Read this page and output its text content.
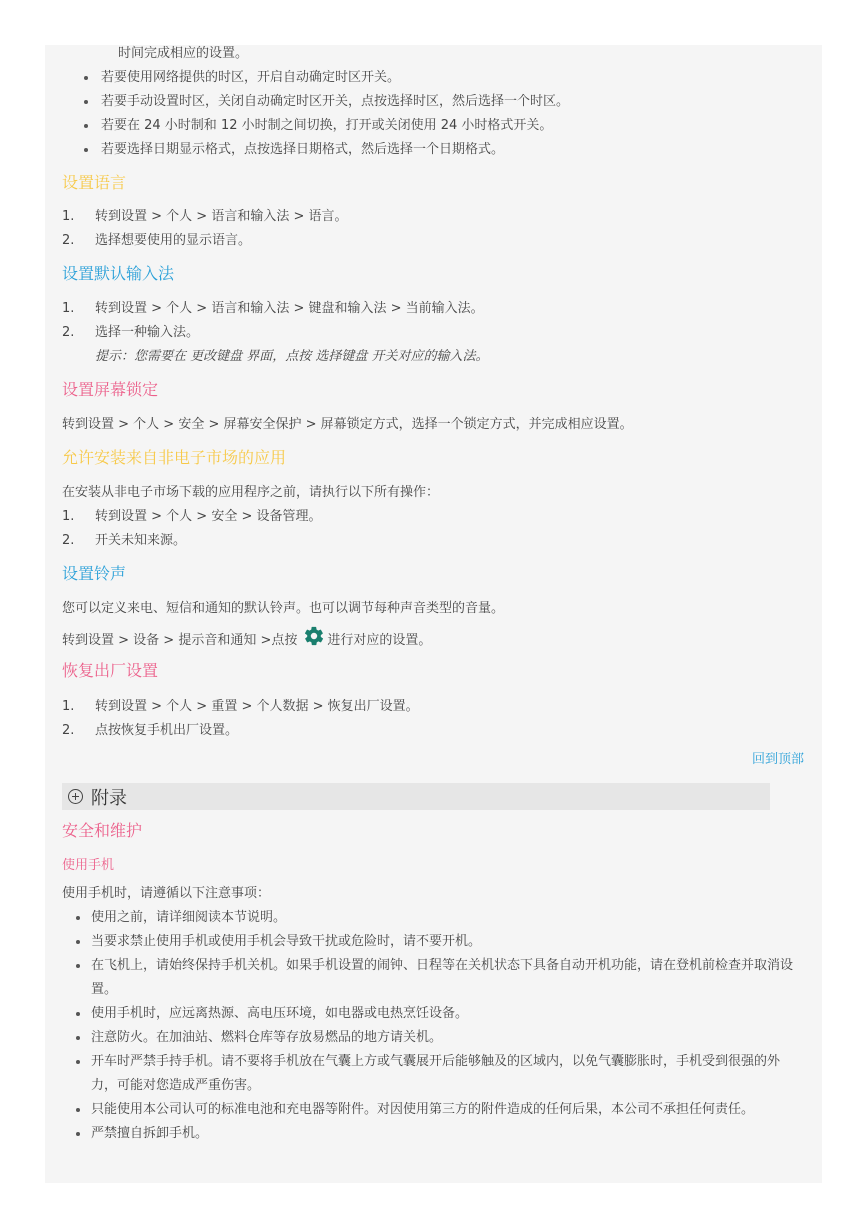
时间完成相应的设置。
若要使用网络提供的时区，开启自动确定时区开关。
若要手动设置时区，关闭自动确定时区开关，点按选择时区，然后选择一个时区。
若要在 24 小时制和 12 小时制之间切换，打开或关闭使用 24 小时格式开关。
若要选择日期显示格式，点按选择日期格式，然后选择一个日期格式。
设置语言
1. 转到设置 > 个人 > 语言和输入法 > 语言。
2. 选择想要使用的显示语言。
设置默认输入法
1. 转到设置 > 个人 > 语言和输入法 > 键盘和输入法 > 当前输入法。
2. 选择一种输入法。
提示：您需要在 更改键盘 界面，点按 选择键盘 开关对应的输入法。
设置屏幕锁定
转到设置 > 个人 > 安全 > 屏幕安全保护 > 屏幕锁定方式，选择一个锁定方式，并完成相应设置。
允许安装来自非电子市场的应用
在安装从非电子市场下载的应用程序之前，请执行以下所有操作：
1. 转到设置 > 个人 > 安全 > 设备管理。
2. 开关未知来源。
设置铃声
您可以定义来电、短信和通知的默认铃声。也可以调节每种声音类型的音量。
转到设置 > 设备 > 提示音和通知 >点按 进行对应的设置。
恢复出厂设置
1. 转到设置 > 个人 > 重置 > 个人数据 > 恢复出厂设置。
2. 点按恢复手机出厂设置。
回到顶部
附录
安全和维护
使用手机
使用手机时，请遵循以下注意事项：
使用之前，请详细阅读本节说明。
当要求禁止使用手机或使用手机会导致干扰或危险时，请不要开机。
在飞机上，请始终保持手机关机。如果手机设置的闹钟、日程等在关机状态下具备自动开机功能，请在登机前检查并取消设置。
使用手机时，应远离热源、高电压环境，如电器或电热烹饪设备。
注意防火。在加油站、燃料仓库等存放易燃品的地方请关机。
开车时严禁手持手机。请不要将手机放在气囊上方或气囊展开后能够触及的区域内，以免气囊膨胀时，手机受到很强的外力，可能对您造成严重伤害。
只能使用本公司认可的标准电池和充电器等附件。对因使用第三方的附件造成的任何后果，本公司不承担任何责任。
严禁擅自拆卸手机。
